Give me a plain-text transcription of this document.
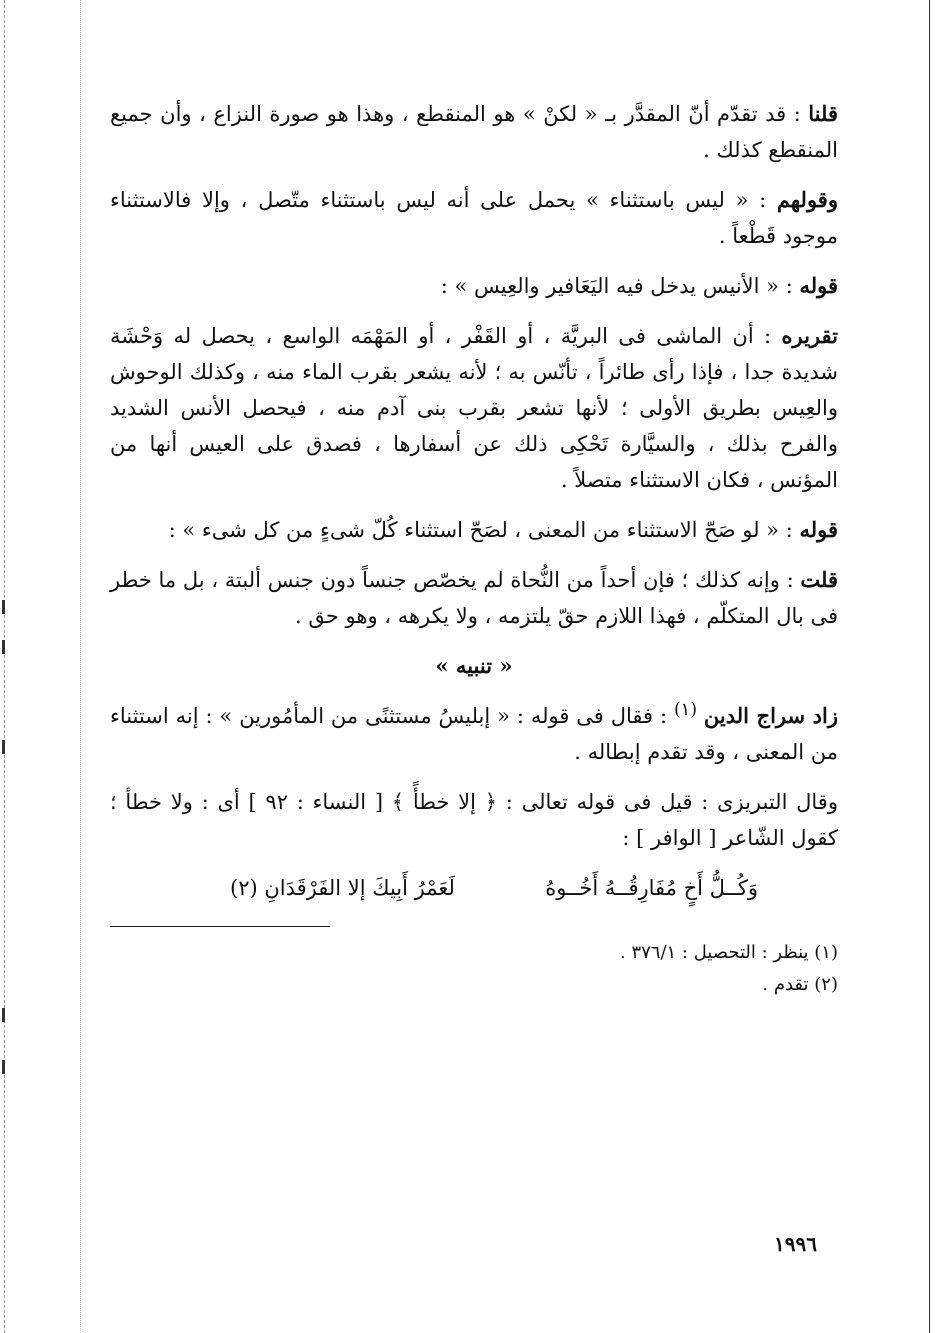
قلنا : قد تقدّم أنّ المقدَّر بـ « لكنْ » هو المنقطع ، وهذا هو صورة النزاع ، وأن جميع المنقطع كذلك .

وقولهم : « ليس باستثناء » يحمل على أنه ليس باستثناء متّصل ، وإلا فالاستثناء موجود قَطْعاً .

قوله : « الأنيس يدخل فيه اليَعَافير والعِيس » :

تقريره : أن الماشى فى البريَّة ، أو القَفْر ، أو المَهْمَه الواسع ، يحصل له وَحْشَة شديدة جدا ، فإذا رأى طائراً ، تأنّس به ؛ لأنه يشعر بقرب الماء منه ، وكذلك الوحوش والعِيس بطريق الأولى ؛ لأنها تشعر بقرب بنى آدم منه ، فيحصل الأنس الشديد والفرح بذلك ، والسيَّارة تَحْكِى ذلك عن أسفارها ، فصدق على العيس أنها من المؤنس ، فكان الاستثناء متصلاً .

قوله : « لو صَحّ الاستثناء من المعنى ، لصَحّ استثناء كُلّ شىءٍ من كل شىء » :

قلت : وإنه كذلك ؛ فإن أحداً من النُّحاة لم يخصّص جنساً دون جنس ألبتة ، بل ما خطر فى بال المتكلّم ، فهذا اللازم حقّ يلتزمه ، ولا يكرهه ، وهو حق .

« تنبيه »

زاد سراج الدين $^{(١)}$ : فقال فى قوله : « إبليسُ مستثنًى من المأمُورين » : إنه استثناء من المعنى ، وقد تقدم إبطاله .

وقال التبريزى : قيل فى قوله تعالى : ﴿ إلا خطأً ﴾ [ النساء : ٩٢ ] أى : ولا خطأ ؛ كقول الشّاعر [ الوافر ] :

وَكُــلُّ أَخٍ مُفَارِقُــهُ أَخُــوهُ
لَعَمْرُ أَبِيكَ إلا الفَرْقَدَانِ (٢)

(١) ينظر : التحصيل : ٣٧٦/١ .

(٢) تقدم .

١٩٩٦
